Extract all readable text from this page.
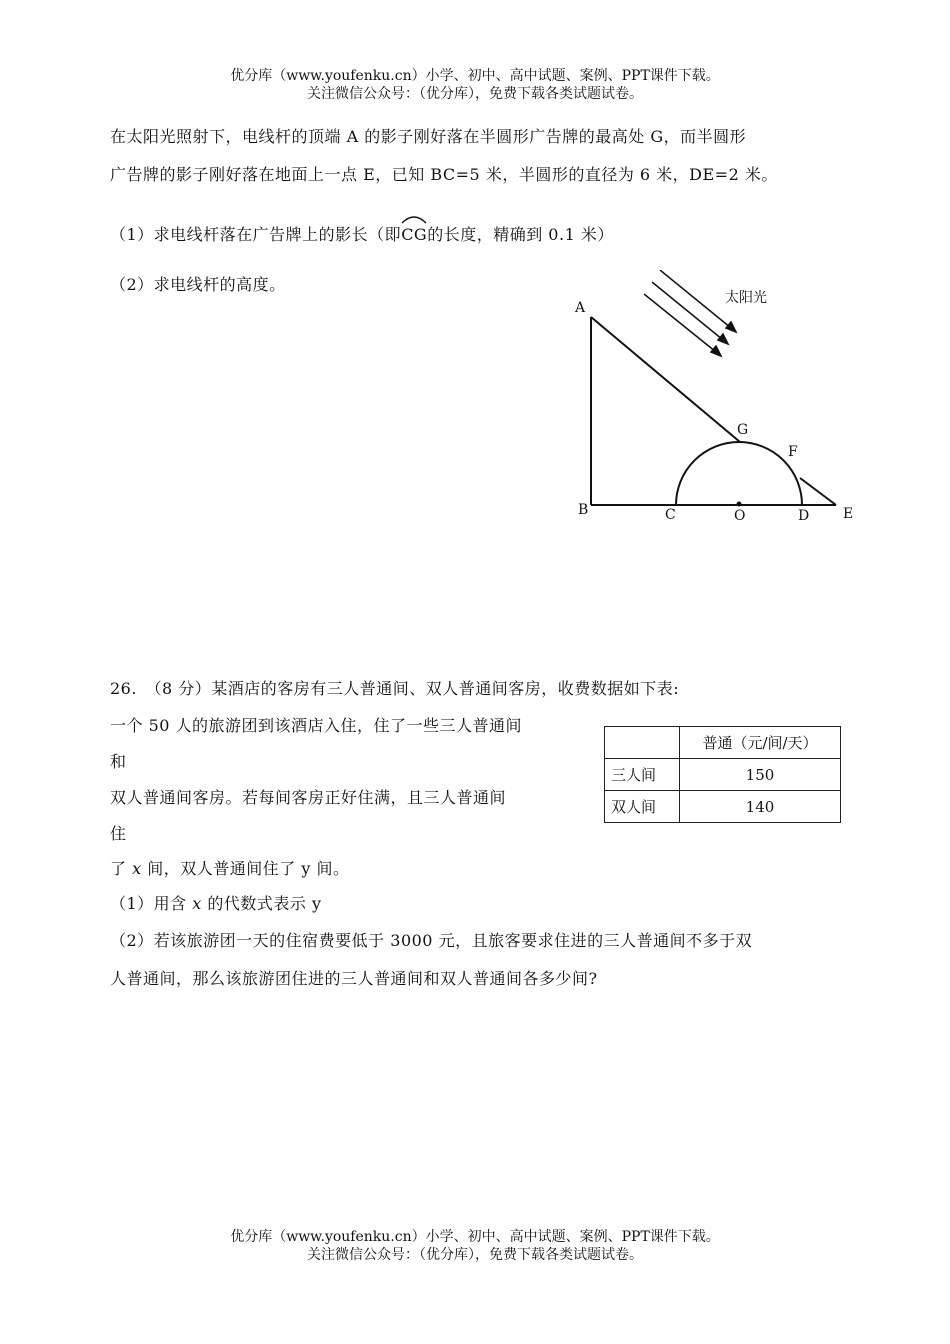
优分库（www.youfenku.cn）小学、初中、高中试题、案例、PPT课件下载。
关注微信公众号：（优分库），免费下载各类试题试卷。
在太阳光照射下，电线杆的顶端 A 的影子刚好落在半圆形广告牌的最高处 G，而半圆形
广告牌的影子刚好落在地面上一点 E，已知 BC=5 米，半圆形的直径为 6 米，DE=2 米。
（1）求电线杆落在广告牌上的影长（即
CG的长度，精确到 0.1 米）
（2）求电线杆的高度。
太阳光
A
B	C	O	D E
G
F
26.　（8 分）某酒店的客房有三人普通间、双人普通间客房，收费数据如下表:
一个 50 人的旅游团到该酒店入住，住了一些三人普通间
和
双人普通间客房。若每间客房正好住满，且三人普通间
住
了 x 间，双人普通间住了 y 间。
（1）用含 x 的代数式表示 y
（2）若该旅游团一天的住宿费要低于 3000 元，且旅客要求住进的三人普通间不多于双
人普通间，那么该旅游团住进的三人普通间和双人普通间各多少间?
	普通（元/间/天）
三人间	150
双人间	140
优分库（www.youfenku.cn）小学、初中、高中试题、案例、PPT课件下载。
关注微信公众号：（优分库），免费下载各类试题试卷。
